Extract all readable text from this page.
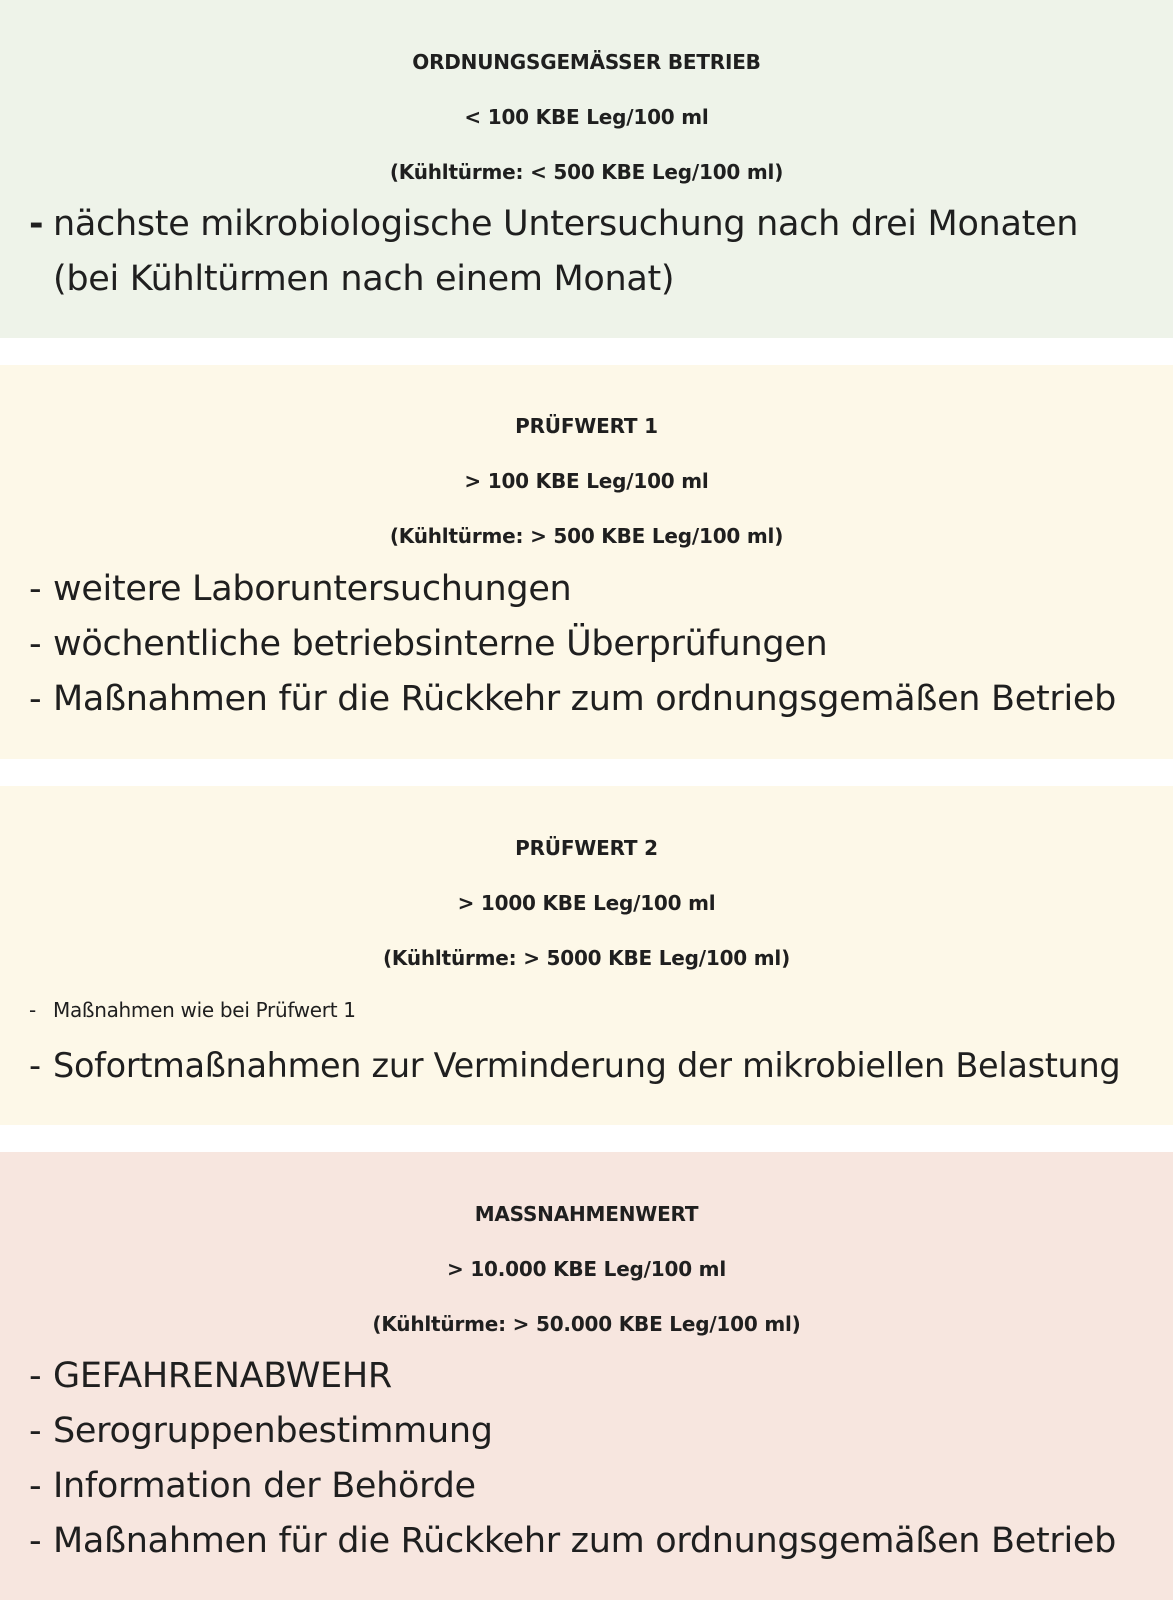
ORDNUNGSGEMÄSSER BETRIEB
< 100 KBE Leg/100 ml
(Kühltürme: < 500 KBE Leg/100 ml)
- nächste mikrobiologische Untersuchung nach drei Monaten
(bei Kühltürmen nach einem Monat)
PRÜFWERT 1
> 100 KBE Leg/100 ml
(Kühltürme: > 500 KBE Leg/100 ml)
- weitere Laboruntersuchungen
- wöchentliche betriebsinterne Überprüfungen
- Maßnahmen für die Rückkehr zum ordnungsgemäßen Betrieb
PRÜFWERT 2
> 1000 KBE Leg/100 ml
(Kühltürme: > 5000 KBE Leg/100 ml)
- Maßnahmen wie bei Prüfwert 1
- Sofortmaßnahmen zur Verminderung der mikrobiellen Belastung
MASSNAHMENWERT
> 10.000 KBE Leg/100 ml
(Kühltürme: > 50.000 KBE Leg/100 ml)
- GEFAHRENABWEHR
- Serogruppenbestimmung
- Information der Behörde
- Maßnahmen für die Rückkehr zum ordnungsgemäßen Betrieb
